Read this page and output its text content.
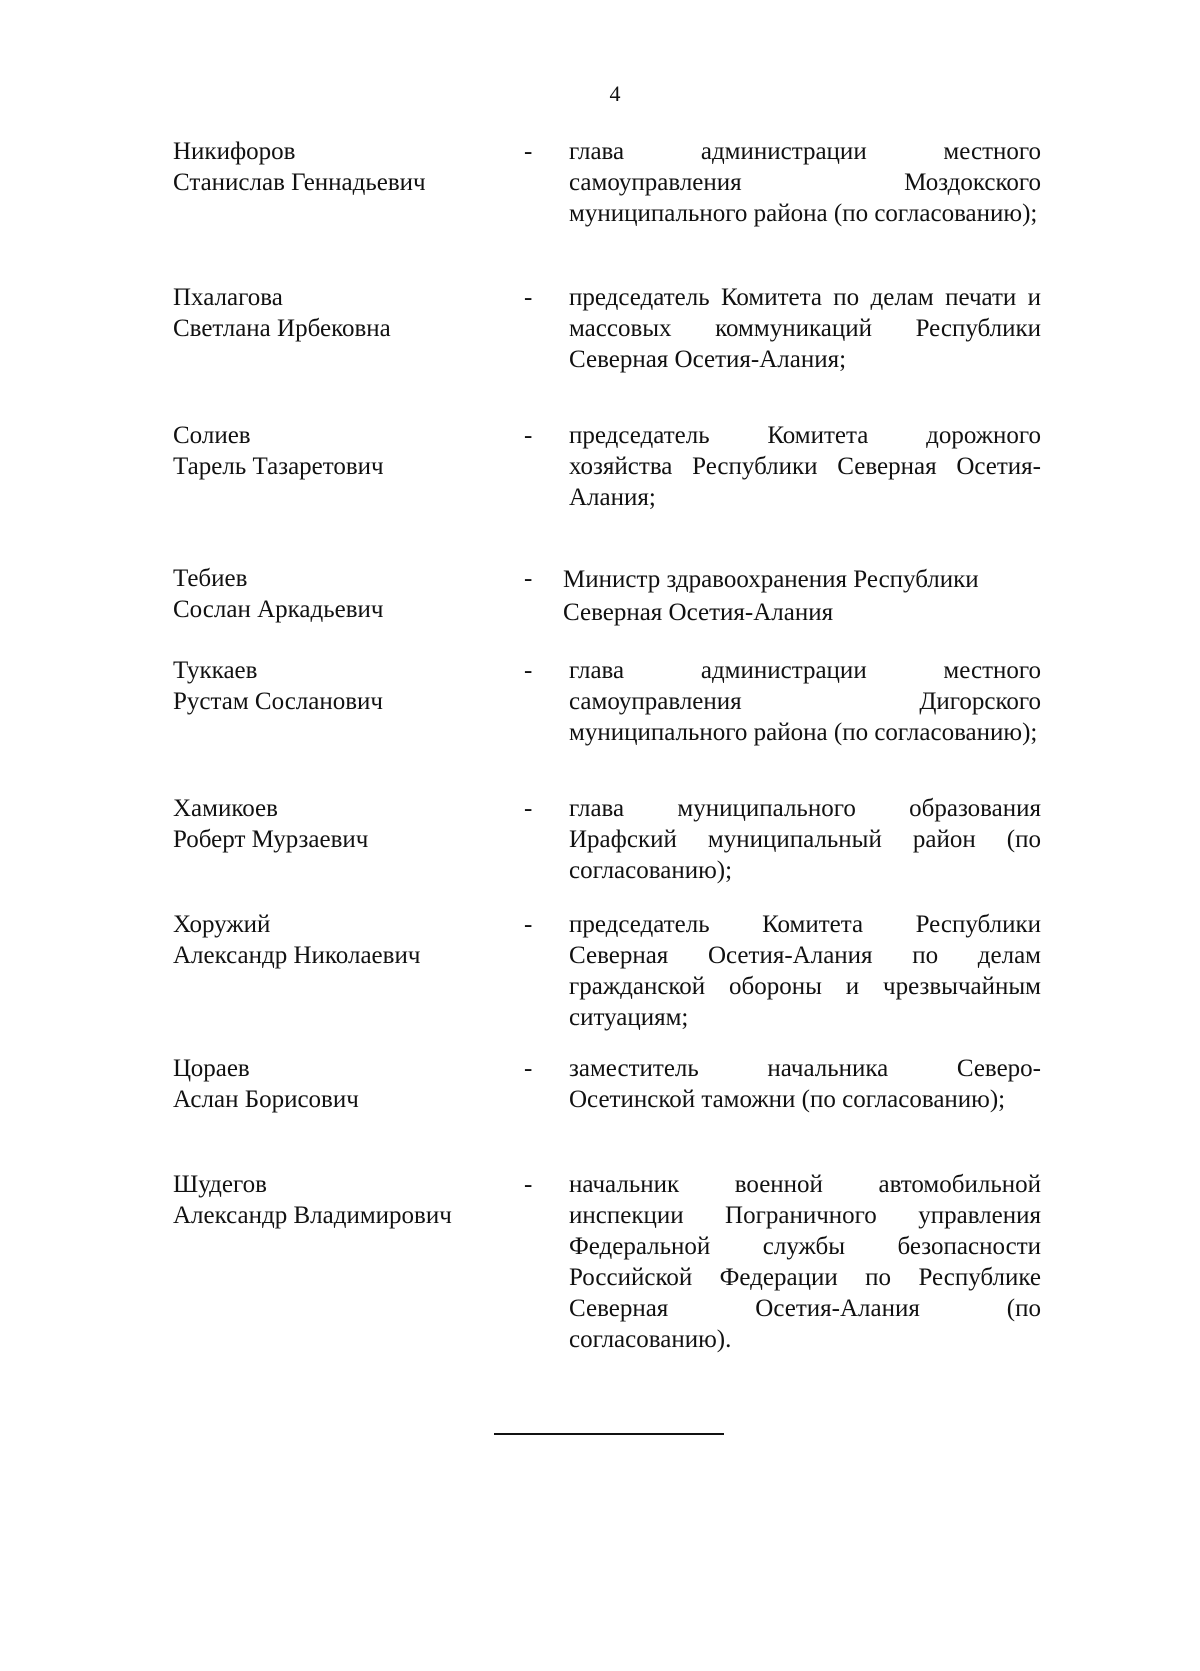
4
Никифоров
Станислав Геннадьевич
- глава администрации местного самоуправления Моздокского муниципального района (по согласованию);
Пхалагова
Светлана Ирбековна
- председатель Комитета по делам печати и массовых коммуникаций Республики Северная Осетия-Алания;
Солиев
Тарель Тазаретович
- председатель Комитета дорожного хозяйства Республики Северная Осетия-Алания;
Тебиев
Сослан Аркадьевич
- Министр здравоохранения Республики Северная Осетия-Алания
Туккаев
Рустам Сосланович
- глава администрации местного самоуправления Дигорского муниципального района (по согласованию);
Хамикоев
Роберт Мурзаевич
- глава муниципального образования Ирафский муниципальный район (по согласованию);
Хоружий
Александр Николаевич
- председатель Комитета Республики Северная Осетия-Алания по делам гражданской обороны и чрезвычайным ситуациям;
Цораев
Аслан Борисович
- заместитель начальника Северо-Осетинской таможни (по согласованию);
Шудегов
Александр Владимирович
- начальник военной автомобильной инспекции Пограничного управления Федеральной службы безопасности Российской Федерации по Республике Северная Осетия-Алания (по согласованию).
